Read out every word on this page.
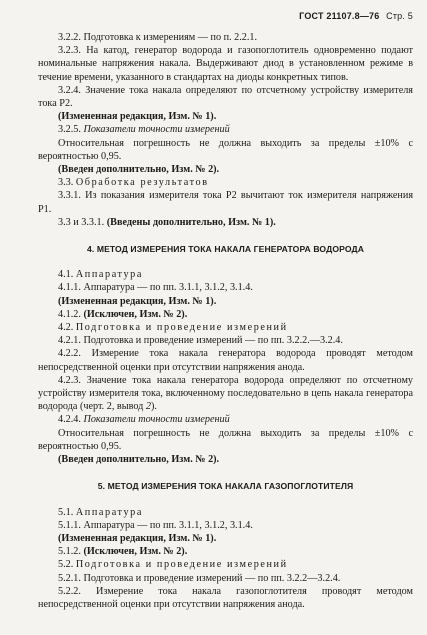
ГОСТ 21107.8—76 Стр. 5

3.2.2. Подготовка к измерениям — по п. 2.2.1.

3.2.3. На катод, генератор водорода и газопоглотитель одновременно подают номинальные напряжения накала. Выдерживают диод в установленном режиме в течение времени, указанного в стандартах на диоды конкретных типов.

3.2.4. Значение тока накала определяют по отсчетному устройству измерителя тока Р2.

(Измененная редакция, Изм. № 1).

3.2.5. Показатели точности измерений

Относительная погрешность не должна выходить за пределы ±10% с вероятностью 0,95.

(Введен дополнительно, Изм. № 2).

3.3. Обработка результатов

3.3.1. Из показания измерителя тока Р2 вычитают ток измерителя напряжения Р1.

3.3 и 3.3.1. (Введены дополнительно, Изм. № 1).

4. МЕТОД ИЗМЕРЕНИЯ ТОКА НАКАЛА ГЕНЕРАТОРА ВОДОРОДА

4.1. Аппаратура

4.1.1. Аппаратура — по пп. 3.1.1, 3.1.2, 3.1.4.

(Измененная редакция, Изм. № 1).

4.1.2. (Исключен, Изм. № 2).

4.2. Подготовка и проведение измерений

4.2.1. Подготовка и проведение измерений — по пп. 3.2.2.—3.2.4.

4.2.2. Измерение тока накала генератора водорода проводят методом непосредственной оценки при отсутствии напряжения анода.

4.2.3. Значение тока накала генератора водорода определяют по отсчетному устройству измерителя тока, включенному последовательно в цепь накала генератора водорода (черт. 2, вывод 2).

4.2.4. Показатели точности измерений

Относительная погрешность не должна выходить за пределы ±10% с вероятностью 0,95.

(Введен дополнительно, Изм. № 2).

5. МЕТОД ИЗМЕРЕНИЯ ТОКА НАКАЛА ГАЗОПОГЛОТИТЕЛЯ

5.1. Аппаратура

5.1.1. Аппаратура — по пп. 3.1.1, 3.1.2, 3.1.4.

(Измененная редакция, Изм. № 1).

5.1.2. (Исключен, Изм. № 2).

5.2. Подготовка и проведение измерений

5.2.1. Подготовка и проведение измерений — по пп. 3.2.2—3.2.4.

5.2.2. Измерение тока накала газопоглотителя проводят методом непосредственной оценки при отсутствии напряжения анода.
